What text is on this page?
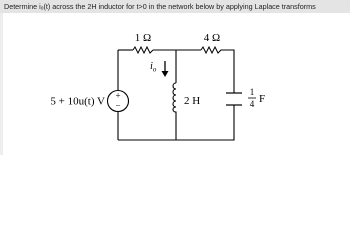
Determine iₒ(t) across the 2H inductor for t>0 in the network below by applying Laplace transforms
+
−
1 Ω	4 Ω
$i_o$
5 + 10u(t) V	2 H
1
4 F
